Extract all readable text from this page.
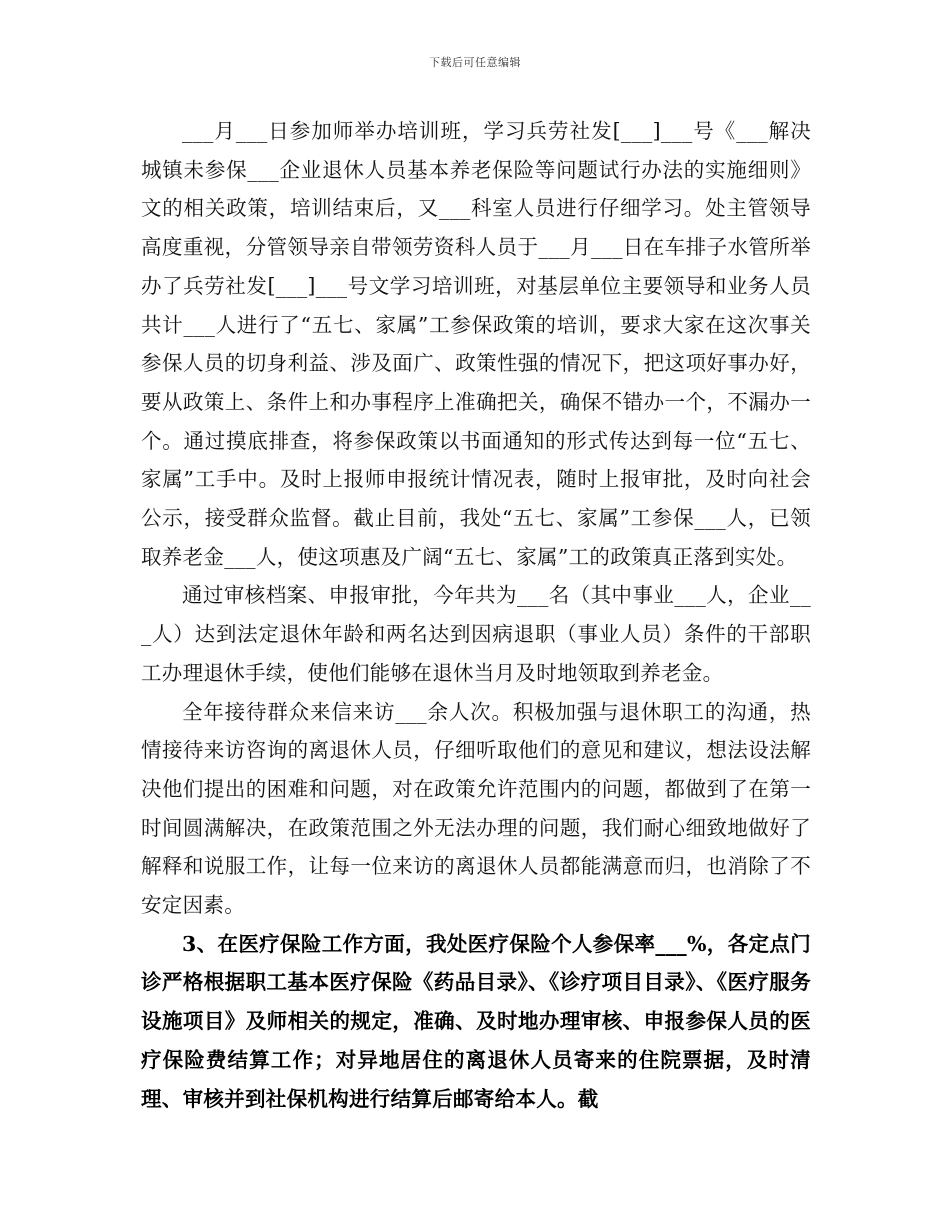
下载后可任意编辑

___月___日参加师举办培训班，学习兵劳社发[___]___号《___解决城镇未参保___企业退休人员基本养老保险等问题试行办法的实施细则》文的相关政策，培训结束后，又___科室人员进行仔细学习。处主管领导高度重视，分管领导亲自带领劳资科人员于___月___日在车排子水管所举办了兵劳社发[___]___号文学习培训班，对基层单位主要领导和业务人员共计___人进行了“五七、家属”工参保政策的培训，要求大家在这次事关参保人员的切身利益、涉及面广、政策性强的情况下，把这项好事办好，要从政策上、条件上和办事程序上准确把关，确保不错办一个，不漏办一个。通过摸底排查，将参保政策以书面通知的形式传达到每一位“五七、家属”工手中。及时上报师申报统计情况表，随时上报审批，及时向社会公示，接受群众监督。截止目前，我处“五七、家属”工参保___人，已领取养老金___人，使这项惠及广阔“五七、家属”工的政策真正落到实处。

通过审核档案、申报审批，今年共为___名（其中事业___人，企业___人）达到法定退休年龄和两名达到因病退职（事业人员）条件的干部职工办理退休手续，使他们能够在退休当月及时地领取到养老金。

全年接待群众来信来访___余人次。积极加强与退休职工的沟通，热情接待来访咨询的离退休人员，仔细听取他们的意见和建议，想法设法解决他们提出的困难和问题，对在政策允许范围内的问题，都做到了在第一时间圆满解决，在政策范围之外无法办理的问题，我们耐心细致地做好了解释和说服工作，让每一位来访的离退休人员都能满意而归，也消除了不安定因素。

3、在医疗保险工作方面，我处医疗保险个人参保率___%，各定点门诊严格根据职工基本医疗保险《药品目录》、《诊疗项目目录》、《医疗服务设施项目》及师相关的规定，准确、及时地办理审核、申报参保人员的医疗保险费结算工作；对异地居住的离退休人员寄来的住院票据，及时清理、审核并到社保机构进行结算后邮寄给本人。截
